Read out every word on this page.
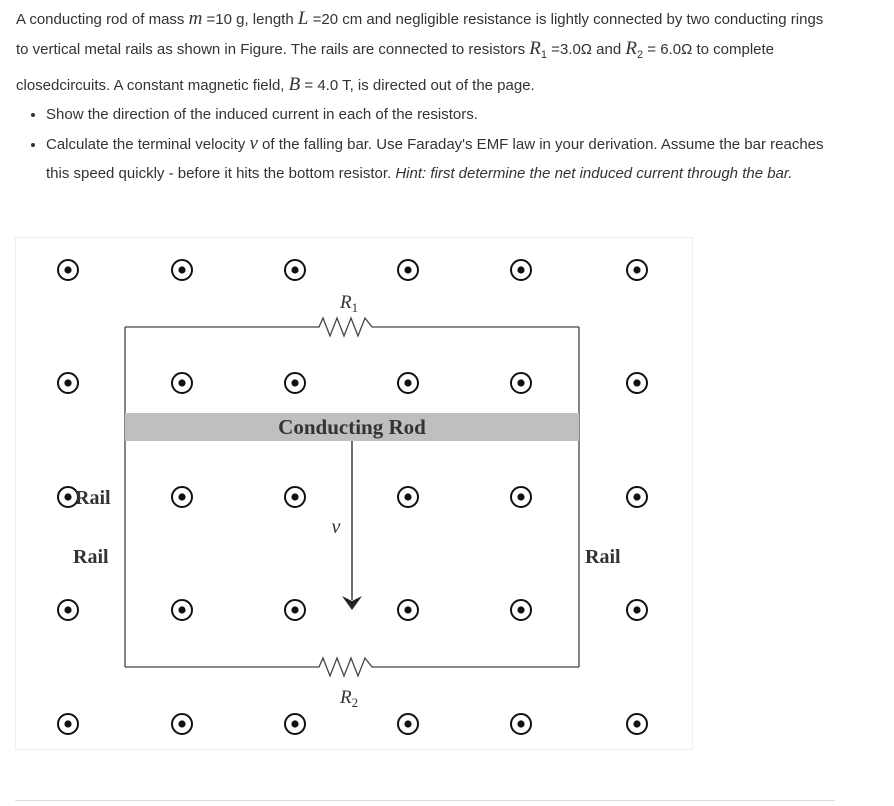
A conducting rod of mass m =10 g, length L =20 cm and negligible resistance is lightly connected by two conducting rings to vertical metal rails as shown in Figure. The rails are connected to resistors $R_1 =3.0\Omega$ and $R_2 = 6.0\Omega$ to complete closedcircuits. A constant magnetic field, B = 4.0 T, is directed out of the page.

• Show the direction of the induced current in each of the resistors.
• Calculate the terminal velocity v of the falling bar. Use Faraday's EMF law in your derivation. Assume the bar reaches this speed quickly - before it hits the bottom resistor. Hint: first determine the net induced current through the bar.
Conducting Rod
v
$R_1$
$R_2$
Rail
Rail	Rail
